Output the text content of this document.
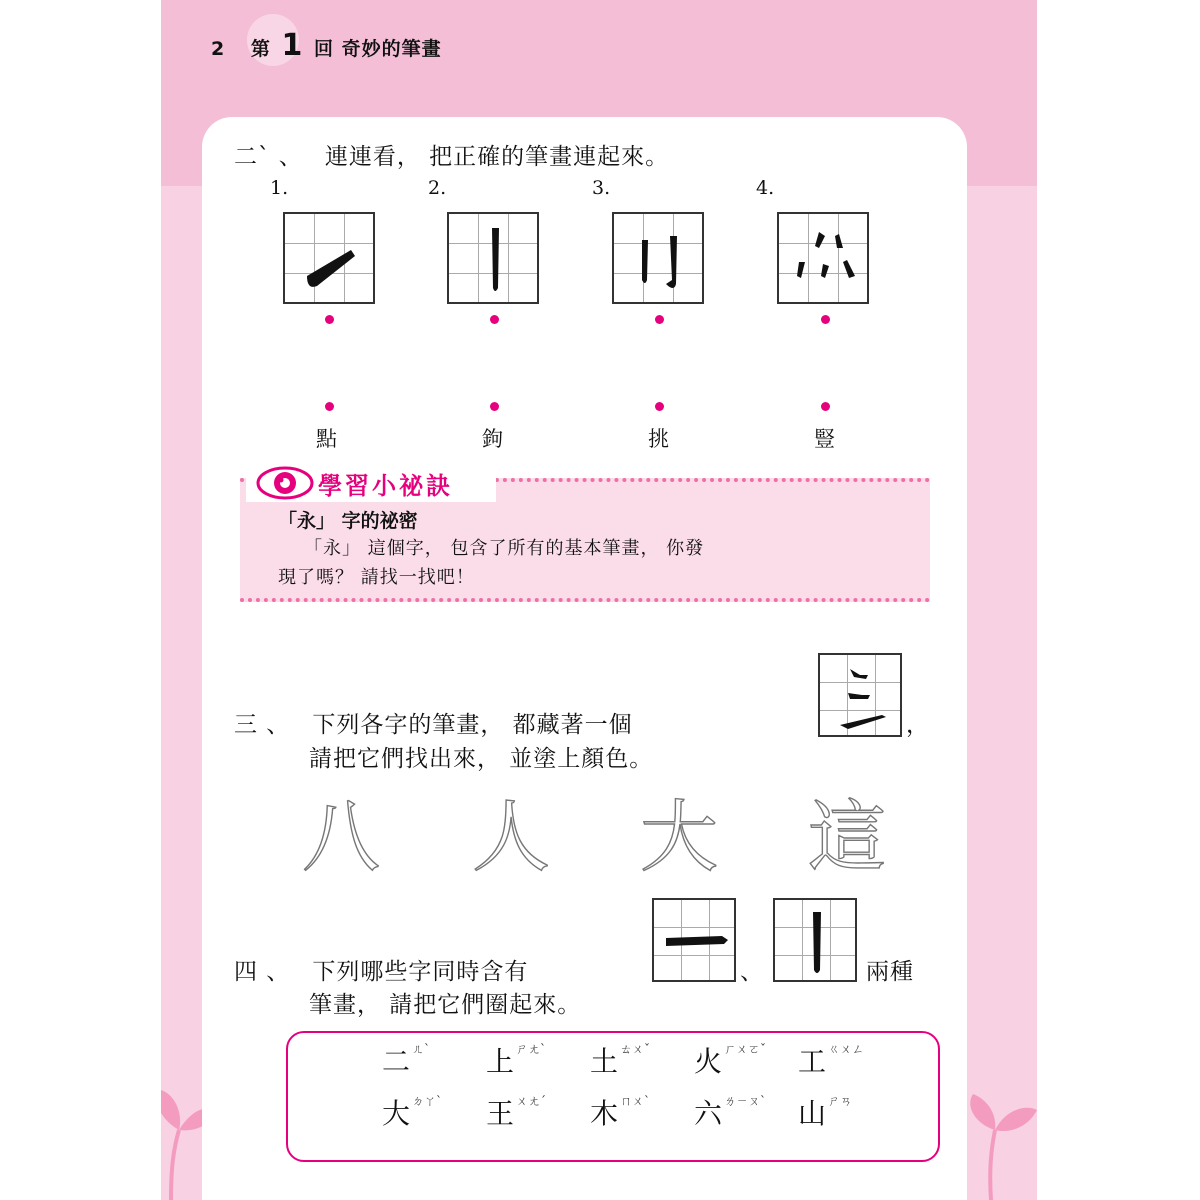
2 第 1 回 奇妙的筆畫
二ˋ 、 連連看， 把正確的筆畫連起來。
1.	2.	3.	4.
點	鉤	挑	豎
學習小祕訣
「永」 字的祕密
「永」 這個字， 包含了所有的基本筆畫， 你發
現了嗎？ 請找一找吧！
三 、 下列各字的筆畫， 都藏著一個	，
請把它們找出來， 並塗上顏色。
八 人 大 這
四 、 下列哪些字同時含有	、	兩種
筆畫， 請把它們圈起來。
二 $^{ㄦˋ}$ 上 $^{ㄕㄤˋ}$ 土 $^{ㄊㄨˇ}$ 火 $^{ㄏㄨㄛˇ}$ 工 $^{ㄍㄨㄥ}$
大 $^{ㄉㄚˋ}$ 王 $^{ㄨㄤˊ}$ 木 $^{ㄇㄨˋ}$ 六 $^{ㄌㄧㄡˋ}$ 山 $^{ㄕㄢ}$
